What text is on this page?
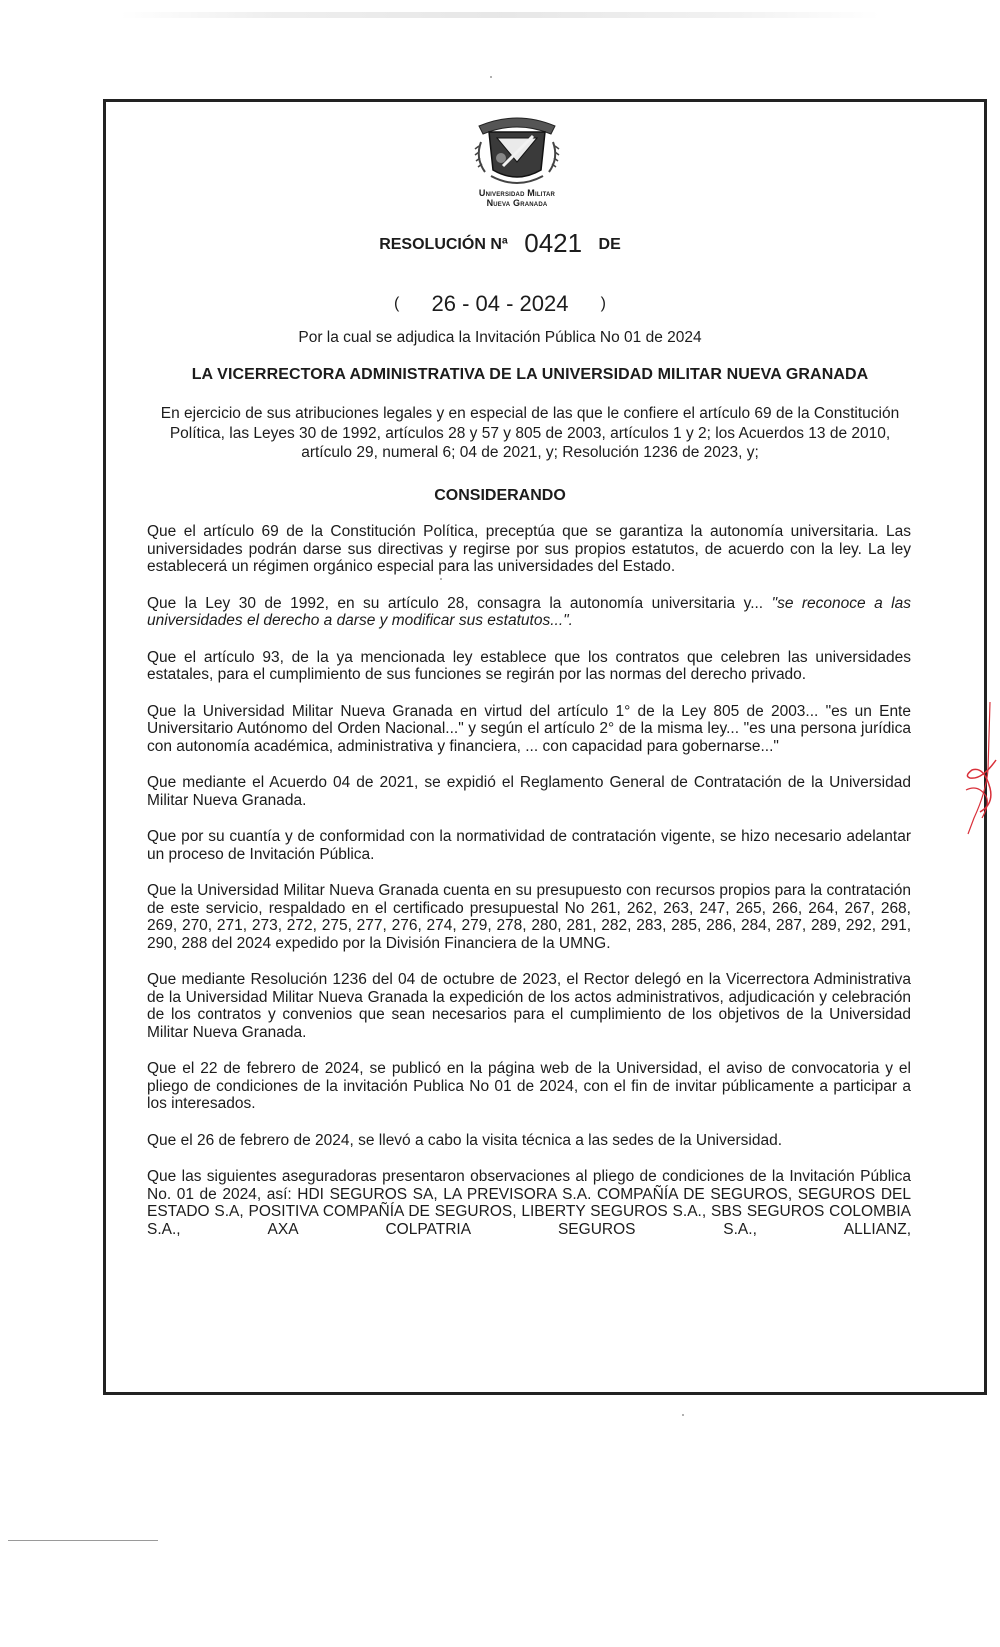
Universidad Militar
Nueva Granada
RESOLUCIÓN Nª 0421 DE
( 26 - 04 - 2024 )
Por la cual se adjudica la Invitación Pública No 01 de 2024
LA VICERRECTORA ADMINISTRATIVA DE LA UNIVERSIDAD MILITAR NUEVA GRANADA
En ejercicio de sus atribuciones legales y en especial de las que le confiere el artículo 69 de la Constitución Política, las Leyes 30 de 1992, artículos 28 y 57 y 805 de 2003, artículos 1 y 2; los Acuerdos 13 de 2010, artículo 29, numeral 6; 04 de 2021, y; Resolución 1236 de 2023, y;
CONSIDERANDO

Que el artículo 69 de la Constitución Política, preceptúa que se garantiza la autonomía universitaria. Las universidades podrán darse sus directivas y regirse por sus propios estatutos, de acuerdo con la ley. La ley establecerá un régimen orgánico especial para las universidades del Estado.

Que la Ley 30 de 1992, en su artículo 28, consagra la autonomía universitaria y... "se reconoce a las universidades el derecho a darse y modificar sus estatutos...".

Que el artículo 93, de la ya mencionada ley establece que los contratos que celebren las universidades estatales, para el cumplimiento de sus funciones se regirán por las normas del derecho privado.

Que la Universidad Militar Nueva Granada en virtud del artículo 1° de la Ley 805 de 2003... "es un Ente Universitario Autónomo del Orden Nacional..." y según el artículo 2° de la misma ley... "es una persona jurídica con autonomía académica, administrativa y financiera, ... con capacidad para gobernarse..."

Que mediante el Acuerdo 04 de 2021, se expidió el Reglamento General de Contratación de la Universidad Militar Nueva Granada.

Que por su cuantía y de conformidad con la normatividad de contratación vigente, se hizo necesario adelantar un proceso de Invitación Pública.

Que la Universidad Militar Nueva Granada cuenta en su presupuesto con recursos propios para la contratación de este servicio, respaldado en el certificado presupuestal No 261, 262, 263, 247, 265, 266, 264, 267, 268, 269, 270, 271, 273, 272, 275, 277, 276, 274, 279, 278, 280, 281, 282, 283, 285, 286, 284, 287, 289, 292, 291, 290, 288 del 2024 expedido por la División Financiera de la UMNG.

Que mediante Resolución 1236 del 04 de octubre de 2023, el Rector delegó en la Vicerrectora Administrativa de la Universidad Militar Nueva Granada la expedición de los actos administrativos, adjudicación y celebración de los contratos y convenios que sean necesarios para el cumplimiento de los objetivos de la Universidad Militar Nueva Granada.

Que el 22 de febrero de 2024, se publicó en la página web de la Universidad, el aviso de convocatoria y el pliego de condiciones de la invitación Publica No 01 de 2024, con el fin de invitar públicamente a participar a los interesados.

Que el 26 de febrero de 2024, se llevó a cabo la visita técnica a las sedes de la Universidad.

Que las siguientes aseguradoras presentaron observaciones al pliego de condiciones de la Invitación Pública No. 01 de 2024, así: HDI SEGUROS SA, LA PREVISORA S.A. COMPAÑÍA DE SEGUROS, SEGUROS DEL ESTADO S.A, POSITIVA COMPAÑÍA DE SEGUROS, LIBERTY SEGUROS S.A., SBS SEGUROS COLOMBIA S.A., AXA COLPATRIA SEGUROS S.A., ALLIANZ,
